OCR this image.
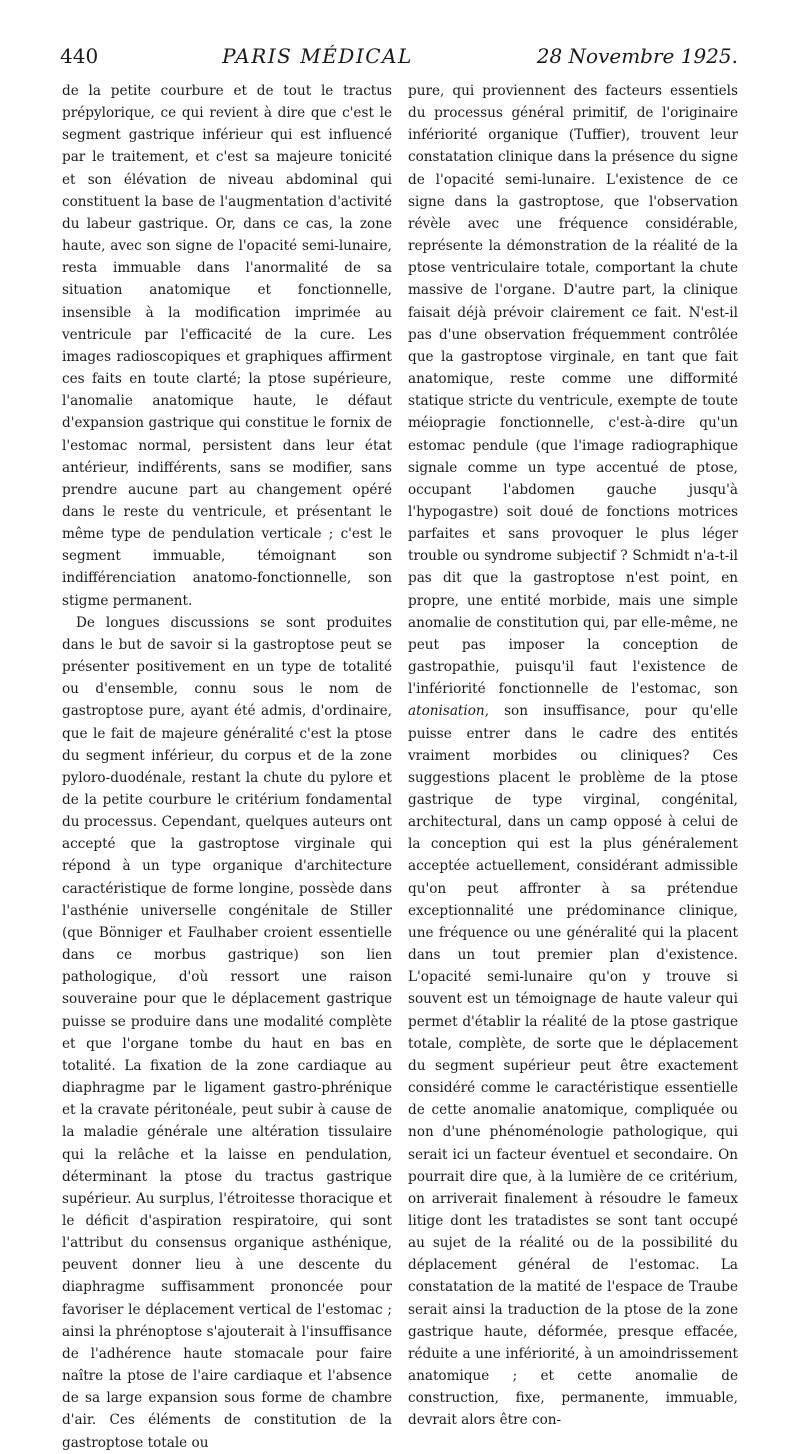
440	PARIS MÉDICAL	28 Novembre 1925.

de la petite courbure et de tout le tractus prépylorique, ce qui revient à dire que c'est le segment gastrique inférieur qui est influencé par le traitement, et c'est sa majeure tonicité et son élévation de niveau abdominal qui constituent la base de l'augmentation d'activité du labeur gastrique. Or, dans ce cas, la zone haute, avec son signe de l'opacité semi-lunaire, resta immuable dans l'anormalité de sa situation anatomique et fonctionnelle, insensible à la modification imprimée au ventricule par l'efficacité de la cure. Les images radioscopiques et graphiques affirment ces faits en toute clarté; la ptose supérieure, l'anomalie anatomique haute, le défaut d'expansion gastrique qui constitue le fornix de l'estomac normal, persistent dans leur état antérieur, indifférents, sans se modifier, sans prendre aucune part au changement opéré dans le reste du ventricule, et présentant le même type de pendulation verticale ; c'est le segment immuable, témoignant son indifférenciation anatomo-fonctionnelle, son stigme permanent.

De longues discussions se sont produites dans le but de savoir si la gastroptose peut se présenter positivement en un type de totalité ou d'ensemble, connu sous le nom de gastroptose pure, ayant été admis, d'ordinaire, que le fait de majeure généralité c'est la ptose du segment inférieur, du corpus et de la zone pyloro-duodénale, restant la chute du pylore et de la petite courbure le critérium fondamental du processus. Cependant, quelques auteurs ont accepté que la gastroptose virginale qui répond à un type organique d'architecture caractéristique de forme longine, possède dans l'asthénie universelle congénitale de Stiller (que Bönniger et Faulhaber croient essentielle dans ce morbus gastrique) son lien pathologique, d'où ressort une raison souveraine pour que le déplacement gastrique puisse se produire dans une modalité complète et que l'organe tombe du haut en bas en totalité. La fixation de la zone cardiaque au diaphragme par le ligament gastro-phrénique et la cravate péritonéale, peut subir à cause de la maladie générale une altération tissulaire qui la relâche et la laisse en pendulation, déterminant la ptose du tractus gastrique supérieur. Au surplus, l'étroitesse thoracique et le déficit d'aspiration respiratoire, qui sont l'attribut du consensus organique asthénique, peuvent donner lieu à une descente du diaphragme suffisamment prononcée pour favoriser le déplacement vertical de l'estomac ; ainsi la phrénoptose s'ajouterait à l'insuffisance de l'adhérence haute stomacale pour faire naître la ptose de l'aire cardiaque et l'absence de sa large expansion sous forme de chambre d'air. Ces éléments de constitution de la gastroptose totale ou

pure, qui proviennent des facteurs essentiels du processus général primitif, de l'originaire infériorité organique (Tuffier), trouvent leur constatation clinique dans la présence du signe de l'opacité semi-lunaire. L'existence de ce signe dans la gastroptose, que l'observation révèle avec une fréquence considérable, représente la démonstration de la réalité de la ptose ventriculaire totale, comportant la chute massive de l'organe. D'autre part, la clinique faisait déjà prévoir clairement ce fait. N'est-il pas d'une observation fréquemment contrôlée que la gastroptose virginale, en tant que fait anatomique, reste comme une difformité statique stricte du ventricule, exempte de toute méiopragie fonctionnelle, c'est-à-dire qu'un estomac pendule (que l'image radiographique signale comme un type accentué de ptose, occupant l'abdomen gauche jusqu'à l'hypogastre) soit doué de fonctions motrices parfaites et sans provoquer le plus léger trouble ou syndrome subjectif ? Schmidt n'a-t-il pas dit que la gastroptose n'est point, en propre, une entité morbide, mais une simple anomalie de constitution qui, par elle-même, ne peut pas imposer la conception de gastropathie, puisqu'il faut l'existence de l'infériorité fonctionnelle de l'estomac, son atonisation, son insuffisance, pour qu'elle puisse entrer dans le cadre des entités vraiment morbides ou cliniques? Ces suggestions placent le problème de la ptose gastrique de type virginal, congénital, architectural, dans un camp opposé à celui de la conception qui est la plus généralement acceptée actuellement, considérant admissible qu'on peut affronter à sa prétendue exceptionnalité une prédominance clinique, une fréquence ou une généralité qui la placent dans un tout premier plan d'existence. L'opacité semi-lunaire qu'on y trouve si souvent est un témoignage de haute valeur qui permet d'établir la réalité de la ptose gastrique totale, complète, de sorte que le déplacement du segment supérieur peut être exactement considéré comme le caractéristique essentielle de cette anomalie anatomique, compliquée ou non d'une phénoménologie pathologique, qui serait ici un facteur éventuel et secondaire. On pourrait dire que, à la lumière de ce critérium, on arriverait finalement à résoudre le fameux litige dont les tratadistes se sont tant occupé au sujet de la réalité ou de la possibilité du déplacement général de l'estomac. La constatation de la matité de l'espace de Traube serait ainsi la traduction de la ptose de la zone gastrique haute, déformée, presque effacée, réduite a une infériorité, à un amoindrissement anatomique ; et cette anomalie de construction, fixe, permanente, immuable, devrait alors être con-
